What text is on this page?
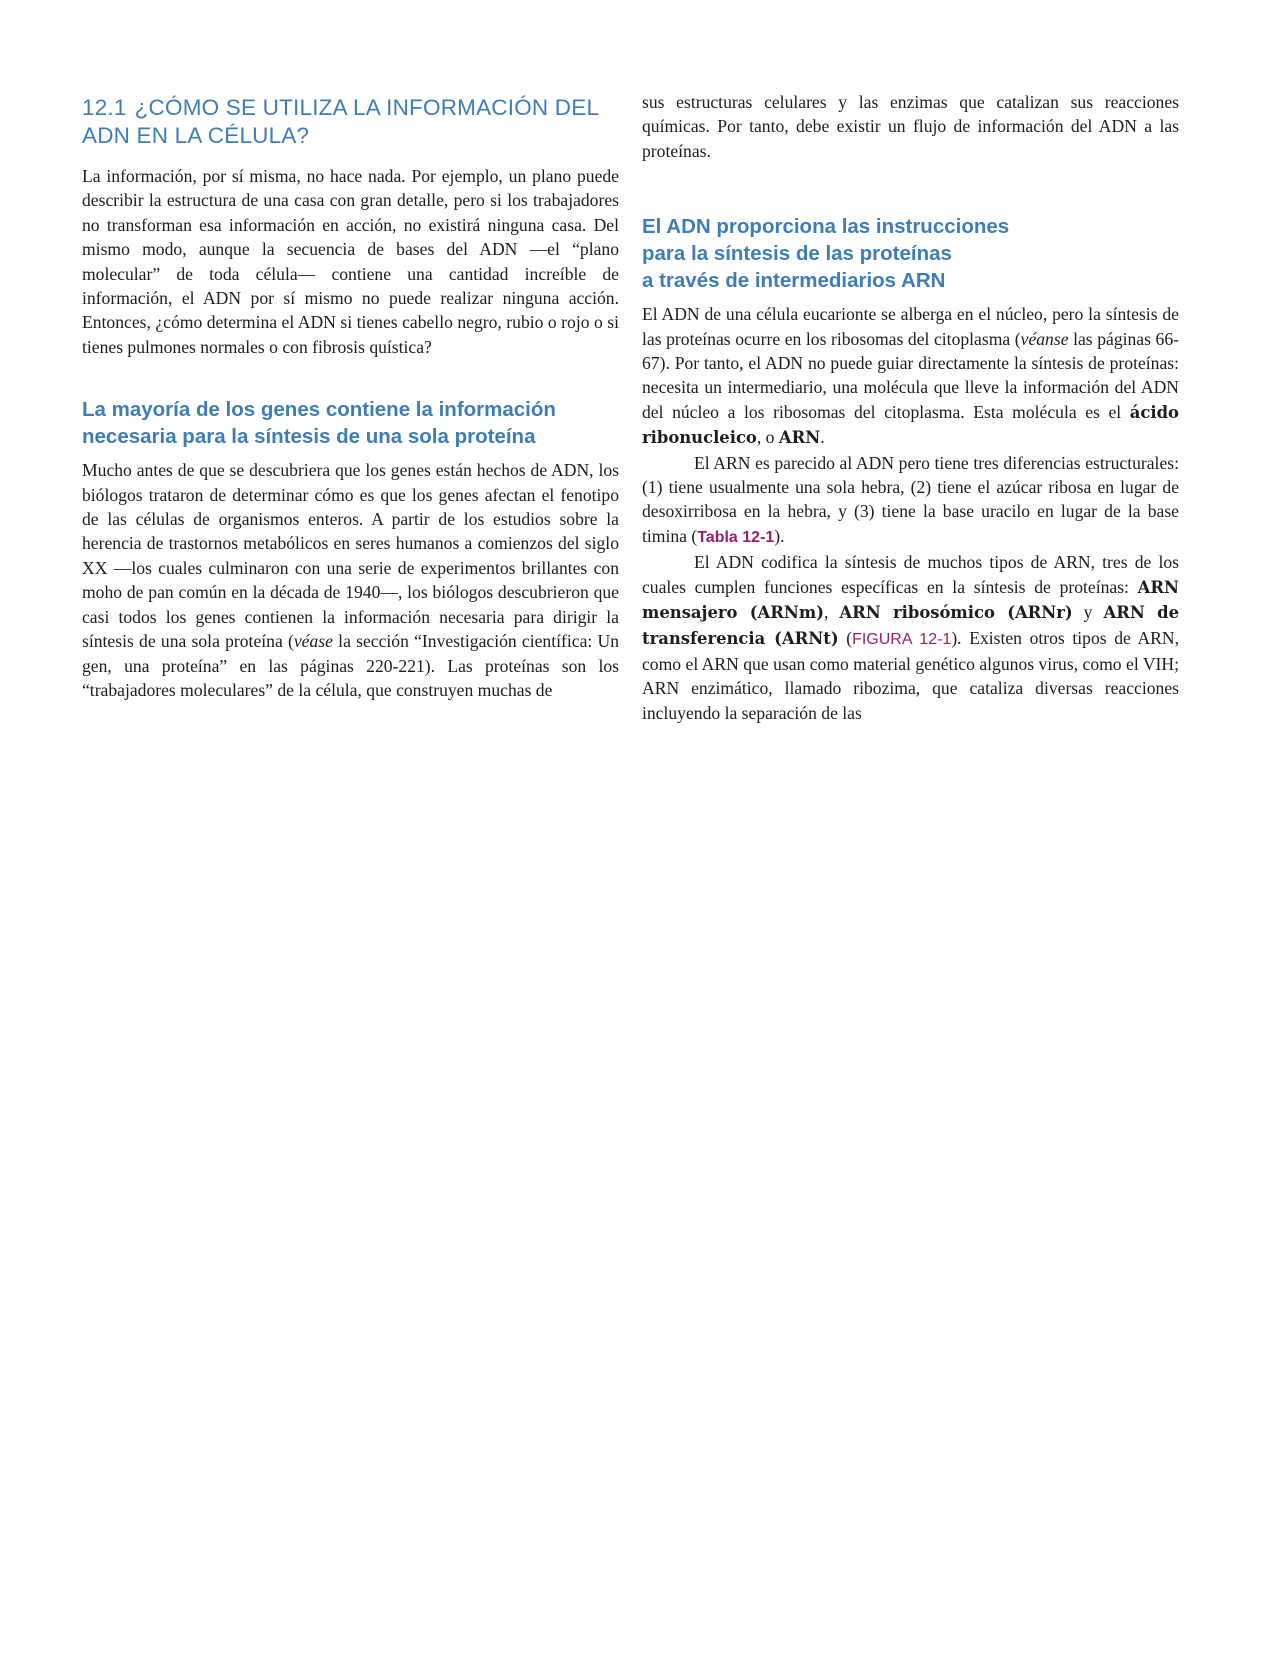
12.1 ¿CÓMO SE UTILIZA LA INFORMACIÓN DEL ADN EN LA CÉLULA?

La información, por sí misma, no hace nada. Por ejemplo, un plano puede describir la estructura de una casa con gran detalle, pero si los trabajadores no transforman esa información en acción, no existirá ninguna casa. Del mismo modo, aunque la secuencia de bases del ADN —el “plano molecular” de toda célula— contiene una cantidad increíble de información, el ADN por sí mismo no puede realizar ninguna acción. Entonces, ¿cómo determina el ADN si tienes cabello negro, rubio o rojo o si tienes pulmones normales o con fibrosis quística?

La mayoría de los genes contiene la información
necesaria para la síntesis de una sola proteína

Mucho antes de que se descubriera que los genes están hechos de ADN, los biólogos trataron de determinar cómo es que los genes afectan el fenotipo de las células de organismos enteros. A partir de los estudios sobre la herencia de trastornos metabólicos en seres humanos a comienzos del siglo XX —los cuales culminaron con una serie de experimentos brillantes con moho de pan común en la década de 1940—, los biólogos descubrieron que casi todos los genes contienen la información necesaria para dirigir la síntesis de una sola proteína (véase la sección “Investigación científica: Un gen, una proteína” en las páginas 220-221). Las proteínas son los “trabajadores moleculares” de la célula, que construyen muchas de

sus estructuras celulares y las enzimas que catalizan sus reacciones químicas. Por tanto, debe existir un flujo de información del ADN a las proteínas.

El ADN proporciona las instrucciones
para la síntesis de las proteínas
a través de intermediarios ARN

El ADN de una célula eucarionte se alberga en el núcleo, pero la síntesis de las proteínas ocurre en los ribosomas del citoplasma (véanse las páginas 66-67). Por tanto, el ADN no puede guiar directamente la síntesis de proteínas: necesita un intermediario, una molécula que lleve la información del ADN del núcleo a los ribosomas del citoplasma. Esta molécula es el ácido ribonucleico, o ARN.

El ARN es parecido al ADN pero tiene tres diferencias estructurales: (1) tiene usualmente una sola hebra, (2) tiene el azúcar ribosa en lugar de desoxirribosa en la hebra, y (3) tiene la base uracilo en lugar de la base timina (Tabla 12-1).

El ADN codifica la síntesis de muchos tipos de ARN, tres de los cuales cumplen funciones específicas en la síntesis de proteínas: ARN mensajero (ARNm), ARN ribosómico (ARNr) y ARN de transferencia (ARNt) (FIGURA 12-1). Existen otros tipos de ARN, como el ARN que usan como material genético algunos virus, como el VIH; ARN enzimático, llamado ribozima, que cataliza diversas reacciones incluyendo la separación de las
